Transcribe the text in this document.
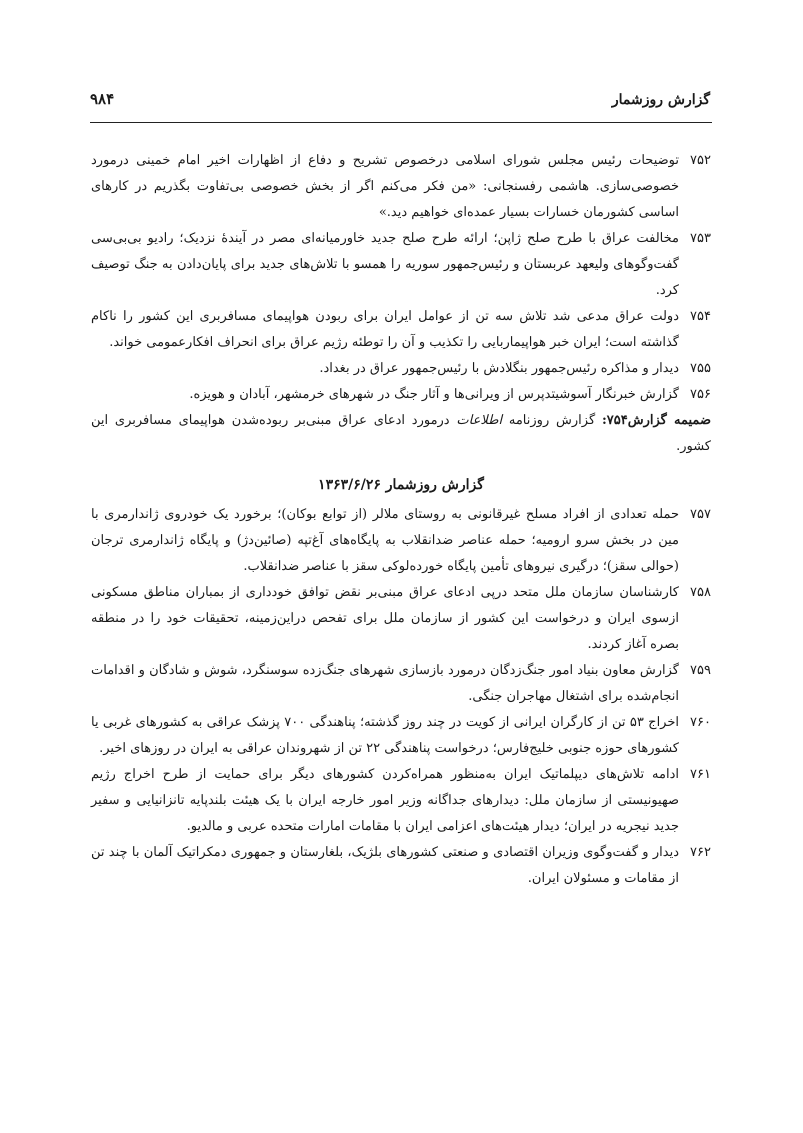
گزارش روزشمار
۹۸۴
۷۵۲
توضیحات رئیس مجلس شورای اسلامی درخصوص تشریح و دفاع از اظهارات اخیر امام خمینی درمورد خصوصی‌سازی. هاشمی رفسنجانی: «من فکر می‌کنم اگر از بخش خصوصی بی‌تفاوت بگذریم در کارهای اساسی کشورمان خسارات بسیار عمده‌ای خواهیم دید.»
۷۵۳
مخالفت عراق با طرح صلح ژاپن؛ ارائه طرح صلح جدید خاورمیانه‌ای مصر در آیندهٔ نزدیک؛ رادیو بی‌بی‌سی گفت‌وگوهای ولیعهد عربستان و رئیس‌جمهور سوریه را همسو با تلاش‌های جدید برای پایان‌دادن به جنگ توصیف کرد.
۷۵۴
دولت عراق مدعی شد تلاش سه تن از عوامل ایران برای ربودن هواپیمای مسافربری این کشور را ناکام گذاشته است؛ ایران خبر هواپیماربایی را تکذیب و آن را توطئه رژیم عراق برای انحراف افکارعمومی خواند.
۷۵۵
دیدار و مذاکره رئیس‌جمهور بنگلادش با رئیس‌جمهور عراق در بغداد.
۷۵۶
گزارش خبرنگار آسوشیتدپرس از ویرانی‌ها و آثار جنگ در شهرهای خرمشهر، آبادان و هویزه.
ضمیمه گزارش۷۵۴: گزارش روزنامه اطلاعات درمورد ادعای عراق مبنی‌بر ربوده‌شدن هواپیمای مسافربری این کشور.
گزارش روزشمار ۱۳۶۳/۶/۲۶
۷۵۷
حمله تعدادی از افراد مسلح غیرقانونی به روستای ملالر (از توابع بوکان)؛ برخورد یک خودروی ژاندارمری با مین در بخش سرو ارومیه؛ حمله عناصر ضدانقلاب به پایگاه‌های آغ‌تپه (صائین‌دژ) و پایگاه ژاندارمری ترجان (حوالی سقز)؛ درگیری نیروهای تأمین پایگاه خورده‌لوکی سقز با عناصر ضدانقلاب.
۷۵۸
کارشناسان سازمان ملل متحد درپی ادعای عراق مبنی‌بر نقض توافق خودداری از بمباران مناطق مسکونی ازسوی ایران و درخواست این کشور از سازمان ملل برای تفحص دراین‌زمینه، تحقیقات خود را در منطقه بصره آغاز کردند.
۷۵۹
گزارش معاون بنیاد امور جنگ‌زدگان درمورد بازسازی شهرهای جنگ‌زده سوسنگرد، شوش و شادگان و اقدامات انجام‌شده برای اشتغال مهاجران جنگی.
۷۶۰
اخراج ۵۳ تن از کارگران ایرانی از کویت در چند روز گذشته؛ پناهندگی ۷۰۰ پزشک عراقی به کشورهای غربی یا کشورهای حوزه جنوبی خلیج‌فارس؛ درخواست پناهندگی ۲۲ تن از شهروندان عراقی به ایران در روزهای اخیر.
۷۶۱
ادامه تلاش‌های دیپلماتیک ایران به‌منظور همراه‌کردن کشورهای دیگر برای حمایت از طرح اخراج رژیم صهیونیستی از سازمان ملل: دیدارهای جداگانه وزیر امور خارجه ایران با یک هیئت بلندپایه تانزانیایی و سفیر جدید نیجریه در ایران؛ دیدار هیئت‌های اعزامی ایران با مقامات امارات متحده عربی و مالدیو.
۷۶۲
دیدار و گفت‌وگوی وزیران اقتصادی و صنعتی کشورهای بلژیک، بلغارستان و جمهوری دمکراتیک آلمان با چند تن از مقامات و مسئولان ایران.
